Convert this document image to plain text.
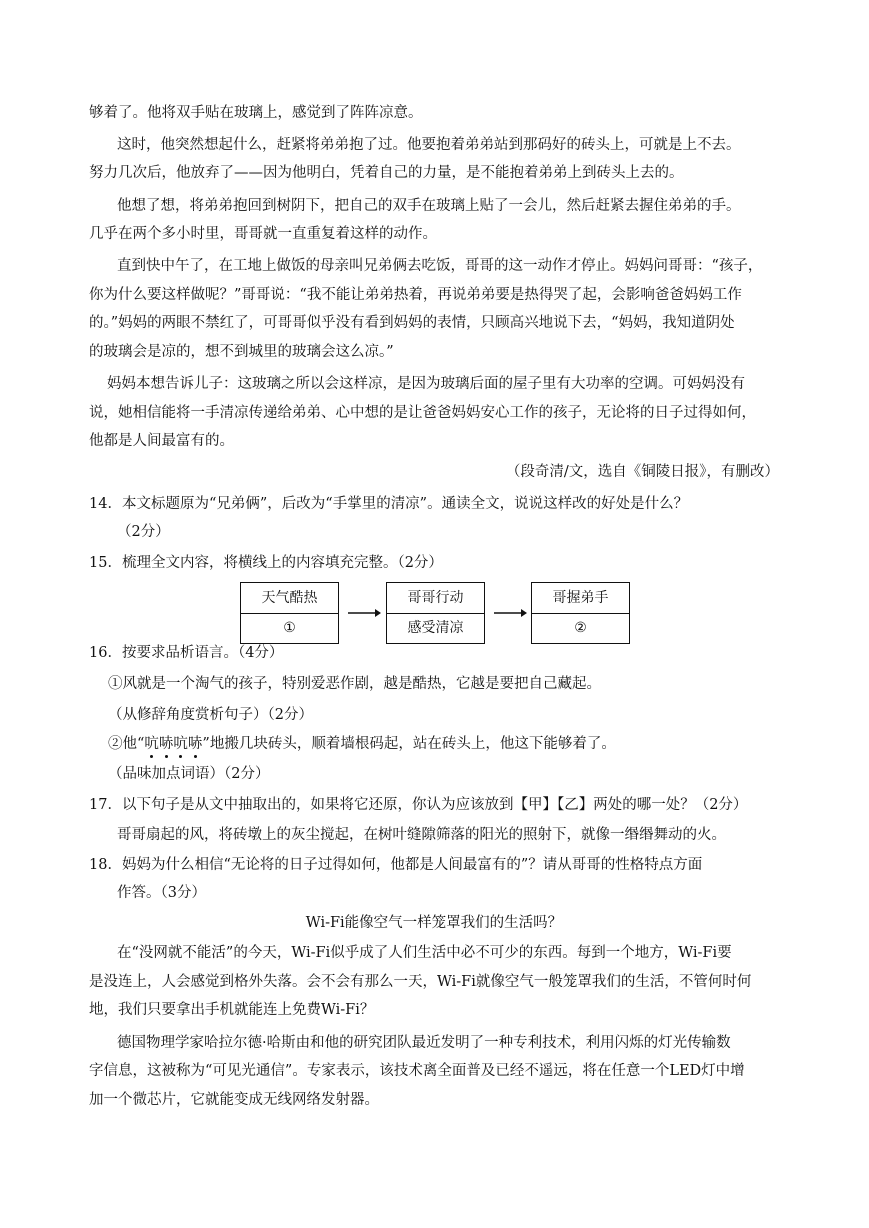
够着了。他将双手贴在玻璃上，感觉到了阵阵凉意。
这时，他突然想起什么，赶紧将弟弟抱了过。他要抱着弟弟站到那码好的砖头上，可就是上不去。
努力几次后，他放弃了——因为他明白，凭着自己的力量，是不能抱着弟弟上到砖头上去的。
他想了想，将弟弟抱回到树阴下，把自己的双手在玻璃上贴了一会儿，然后赶紧去握住弟弟的手。
几乎在两个多小时里，哥哥就一直重复着这样的动作。
直到快中午了，在工地上做饭的母亲叫兄弟俩去吃饭，哥哥的这一动作才停止。妈妈问哥哥：“孩子，
你为什么要这样做呢？”哥哥说：“我不能让弟弟热着，再说弟弟要是热得哭了起，会影响爸爸妈妈工作
的。”妈妈的两眼不禁红了，可哥哥似乎没有看到妈妈的表情，只顾高兴地说下去，“妈妈，我知道阴处
的玻璃会是凉的，想不到城里的玻璃会这么凉。”
妈妈本想告诉儿子：这玻璃之所以会这样凉，是因为玻璃后面的屋子里有大功率的空调。可妈妈没有
说，她相信能将一手清凉传递给弟弟、心中想的是让爸爸妈妈安心工作的孩子，无论将的日子过得如何，
他都是人间最富有的。
14．本文标题原为“兄弟俩”，后改为“手掌里的清凉”。通读全文，说说这样改的好处是什么？
（2分）
15．梳理全文内容，将横线上的内容填充完整。（2分）
16．按要求品析语言。（4分）
①风就是一个淘气的孩子，特别爱恶作剧，越是酷热，它越是要把自己藏起。
（从修辞角度赏析句子）（2分）
（品味加点词语）（2分）
17．以下句子是从文中抽取出的，如果将它还原，你认为应该放到【甲】【乙】两处的哪一处？（2分）
哥哥扇起的风，将砖墩上的灰尘搅起，在树叶缝隙筛落的阳光的照射下，就像一缗缗舞动的火。
18．妈妈为什么相信“无论将的日子过得如何，他都是人间最富有的”？请从哥哥的性格特点方面
作答。（3分）
在“没网就不能活”的今天，Wi-Fi似乎成了人们生活中必不可少的东西。每到一个地方，Wi-Fi要
是没连上，人会感觉到格外失落。会不会有那么一天，Wi-Fi就像空气一般笼罩我们的生活，不管何时何
地，我们只要拿出手机就能连上免费Wi-Fi？
德国物理学家哈拉尔德·哈斯由和他的研究团队最近发明了一种专利技术，利用闪烁的灯光传输数
字信息，这被称为“可见光通信”。专家表示，该技术离全面普及已经不遥远，将在任意一个LED灯中增
加一个微芯片，它就能变成无线网络发射器。
（段奇清/文，选自《铜陵日报》，有删改）
天气酷热
①
哥哥行动
感受清凉
哥握弟手
②
②他“吭哧吭哧”地搬几块砖头，顺着墙根码起，站在砖头上，他这下能够着了。
Wi-Fi能像空气一样笼罩我们的生活吗？
